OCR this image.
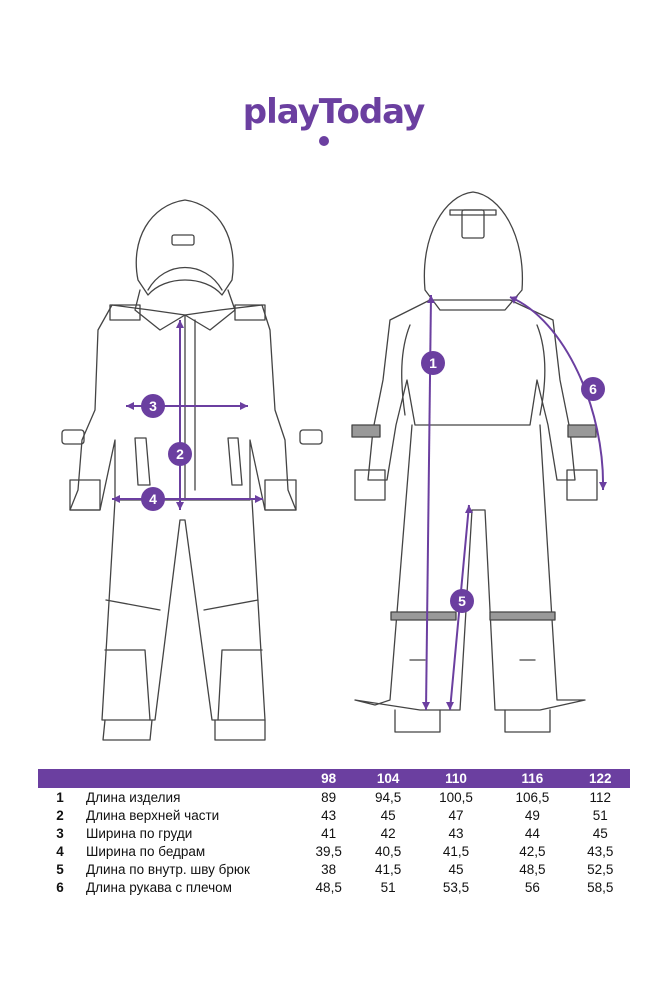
playToday
3
2
4
1
5
6
		98	104	110	116	122
1	Длина изделия	89	94,5	100,5	106,5	112
2	Длина верхней части	43	45	47	49	51
3	Ширина по груди	41	42	43	44	45
4	Ширина по бедрам	39,5	40,5	41,5	42,5	43,5
5	Длина по внутр. шву брюк	38	41,5	45	48,5	52,5
6	Длина рукава с плечом	48,5	51	53,5	56	58,5
